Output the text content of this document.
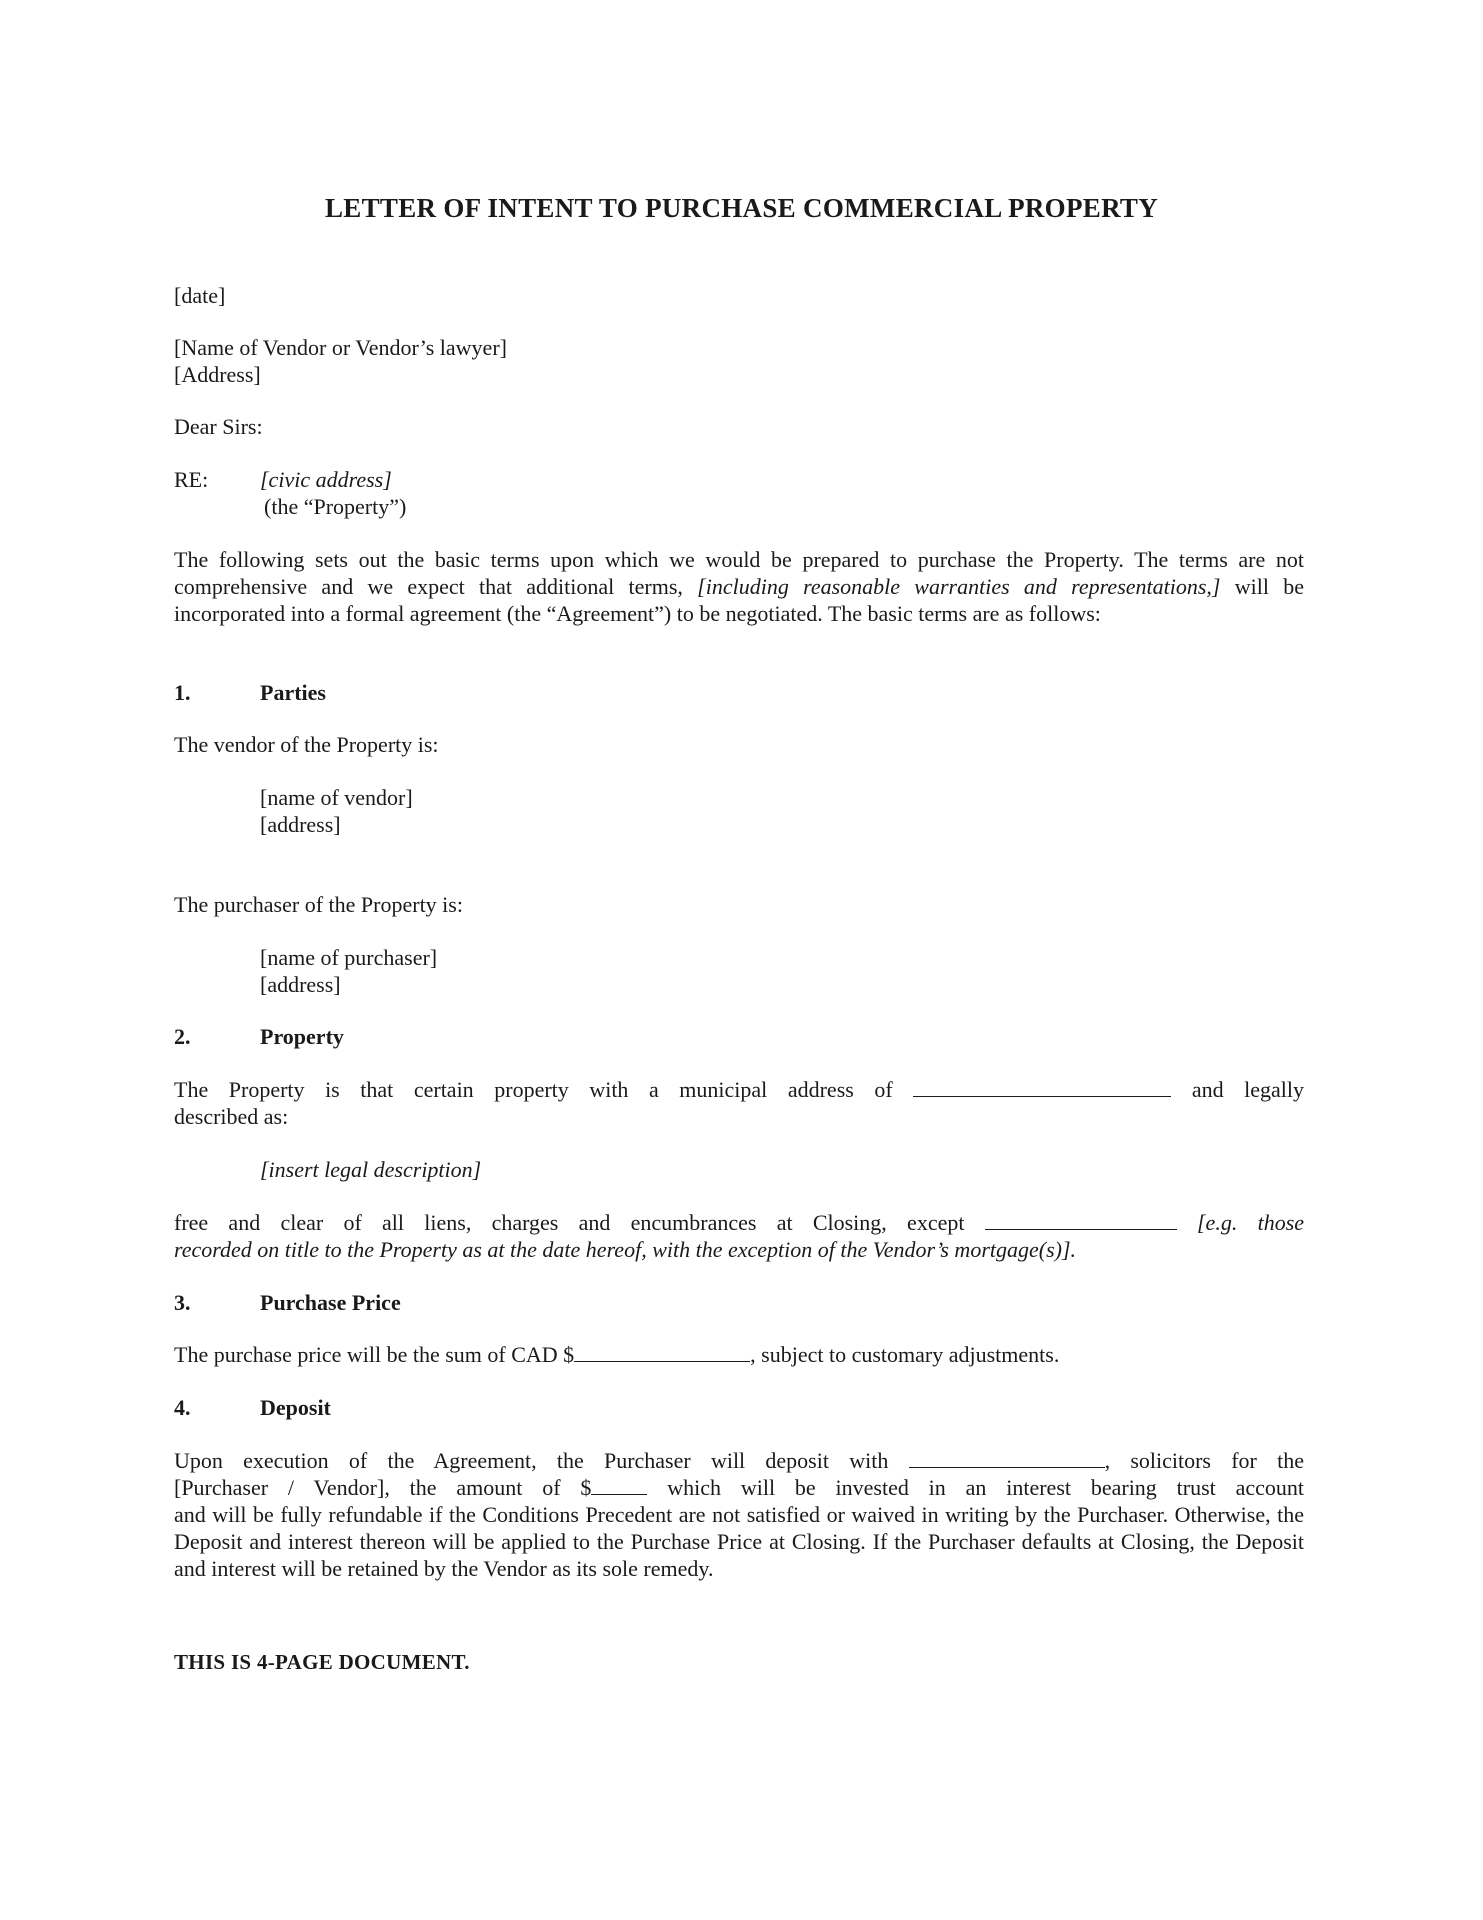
LETTER OF INTENT TO PURCHASE COMMERCIAL PROPERTY
[date]
[Name of Vendor or Vendor’s lawyer]
[Address]
Dear Sirs:
RE: [civic address]
(the “Property”)
The following sets out the basic terms upon which we would be prepared to purchase the Property. The terms are not comprehensive and we expect that additional terms, [including reasonable warranties and representations,] will be incorporated into a formal agreement (the “Agreement”) to be negotiated. The basic terms are as follows:
1.	Parties
The vendor of the Property is:
[name of vendor]
[address]
The purchaser of the Property is:
[name of purchaser]
[address]
2.	Property
The Property is that certain property with a municipal address of	and legally
described as:
[insert legal description]
free and clear of all liens, charges and encumbrances at Closing, except	[e.g. those
recorded on title to the Property as at the date hereof, with the exception of the Vendor’s mortgage(s)].
3.	Purchase Price
The purchase price will be the sum of CAD $	, subject to customary adjustments.
4.	Deposit
Upon execution of the Agreement, the Purchaser will deposit with	, solicitors for the
[Purchaser / Vendor], the amount of $	which will be invested in an interest bearing trust account
and will be fully refundable if the Conditions Precedent are not satisfied or waived in writing by the Purchaser. Otherwise, the Deposit and interest thereon will be applied to the Purchase Price at Closing. If the Purchaser defaults at Closing, the Deposit and interest will be retained by the Vendor as its sole remedy.
THIS IS 4-PAGE DOCUMENT.
